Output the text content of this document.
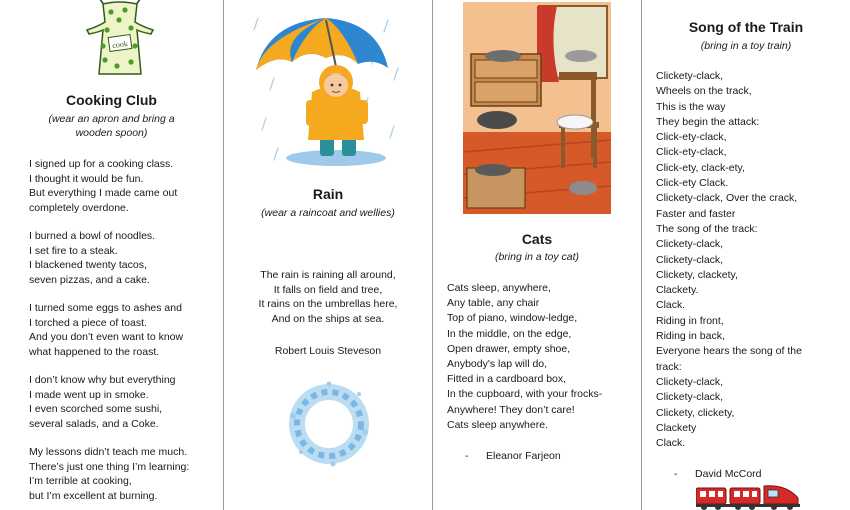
cook
Cooking Club
(wear an apron and bring a
wooden spoon)
I signed up for a cooking class.
I thought it would be fun.
But everything I made came out
completely overdone.
I burned a bowl of noodles.
I set fire to a steak.
I blackened twenty tacos,
seven pizzas, and a cake.
I turned some eggs to ashes and
I torched a piece of toast.
And you don’t even want to know
what happened to the roast.
I don’t know why but everything
I made went up in smoke.
I even scorched some sushi,
several salads, and a Coke.
My lessons didn’t teach me much.
There’s just one thing I’m learning:
I’m terrible at cooking,
but I’m excellent at burning.
Rain
(wear a raincoat and wellies)
The rain is raining all around,
It falls on field and tree,
It rains on the umbrellas here,
And on the ships at sea.
Robert Louis Steveson
Cats
(bring in a toy cat)
Cats sleep, anywhere,
Any table, any chair
Top of piano, window-ledge,
In the middle, on the edge,
Open drawer, empty shoe,
Anybody's lap will do,
Fitted in a cardboard box,
In the cupboard, with your frocks-
Anywhere! They don’t care!
Cats sleep anywhere.
-      Eleanor Farjeon
Song of the Train
(bring in a toy train)
Clickety-clack,
Wheels on the track,
This is the way
They begin the attack:
Click-ety-clack,
Click-ety-clack,
Click-ety, clack-ety,
Click-ety Clack.
Clickety-clack, Over the crack,
Faster and faster
The song of the track:
Clickety-clack,
Clickety-clack,
Clickety, clackety,
Clackety.
Clack.
Riding in front,
Riding in back,
Everyone hears the song of the
track:
Clickety-clack,
Clickety-clack,
Clickety, clickety,
Clackety
Clack.
-      David McCord
